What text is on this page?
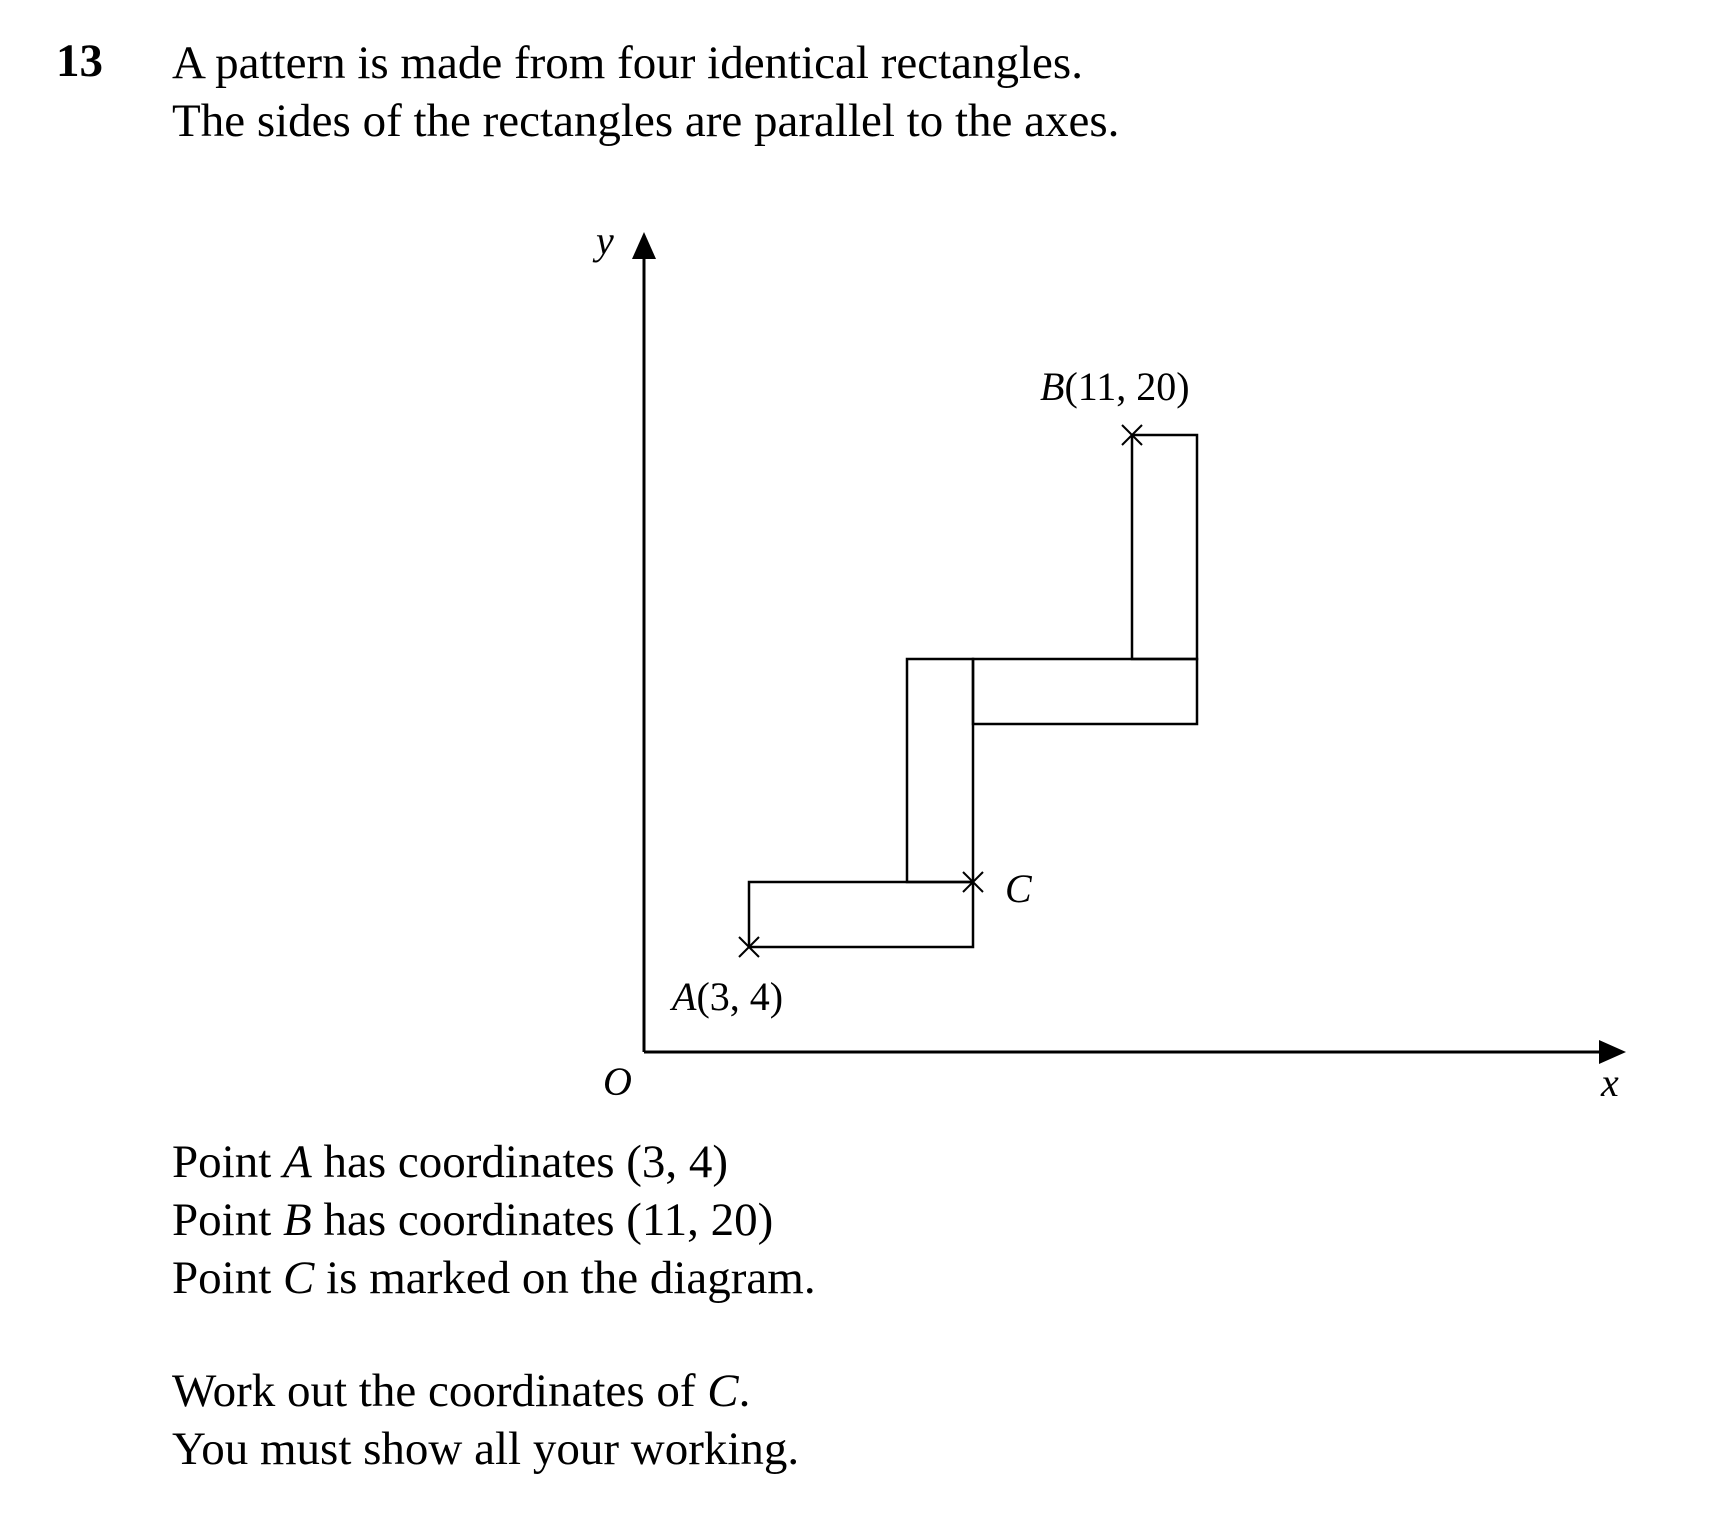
13 A pattern is made from four identical rectangles.
The sides of the rectangles are parallel to the axes.
y
x
O
A(3, 4)
B(11, 20)
C
Point A has coordinates (3, 4)
Point B has coordinates (11, 20)
Point C is marked on the diagram.
Work out the coordinates of C.
You must show all your working.
